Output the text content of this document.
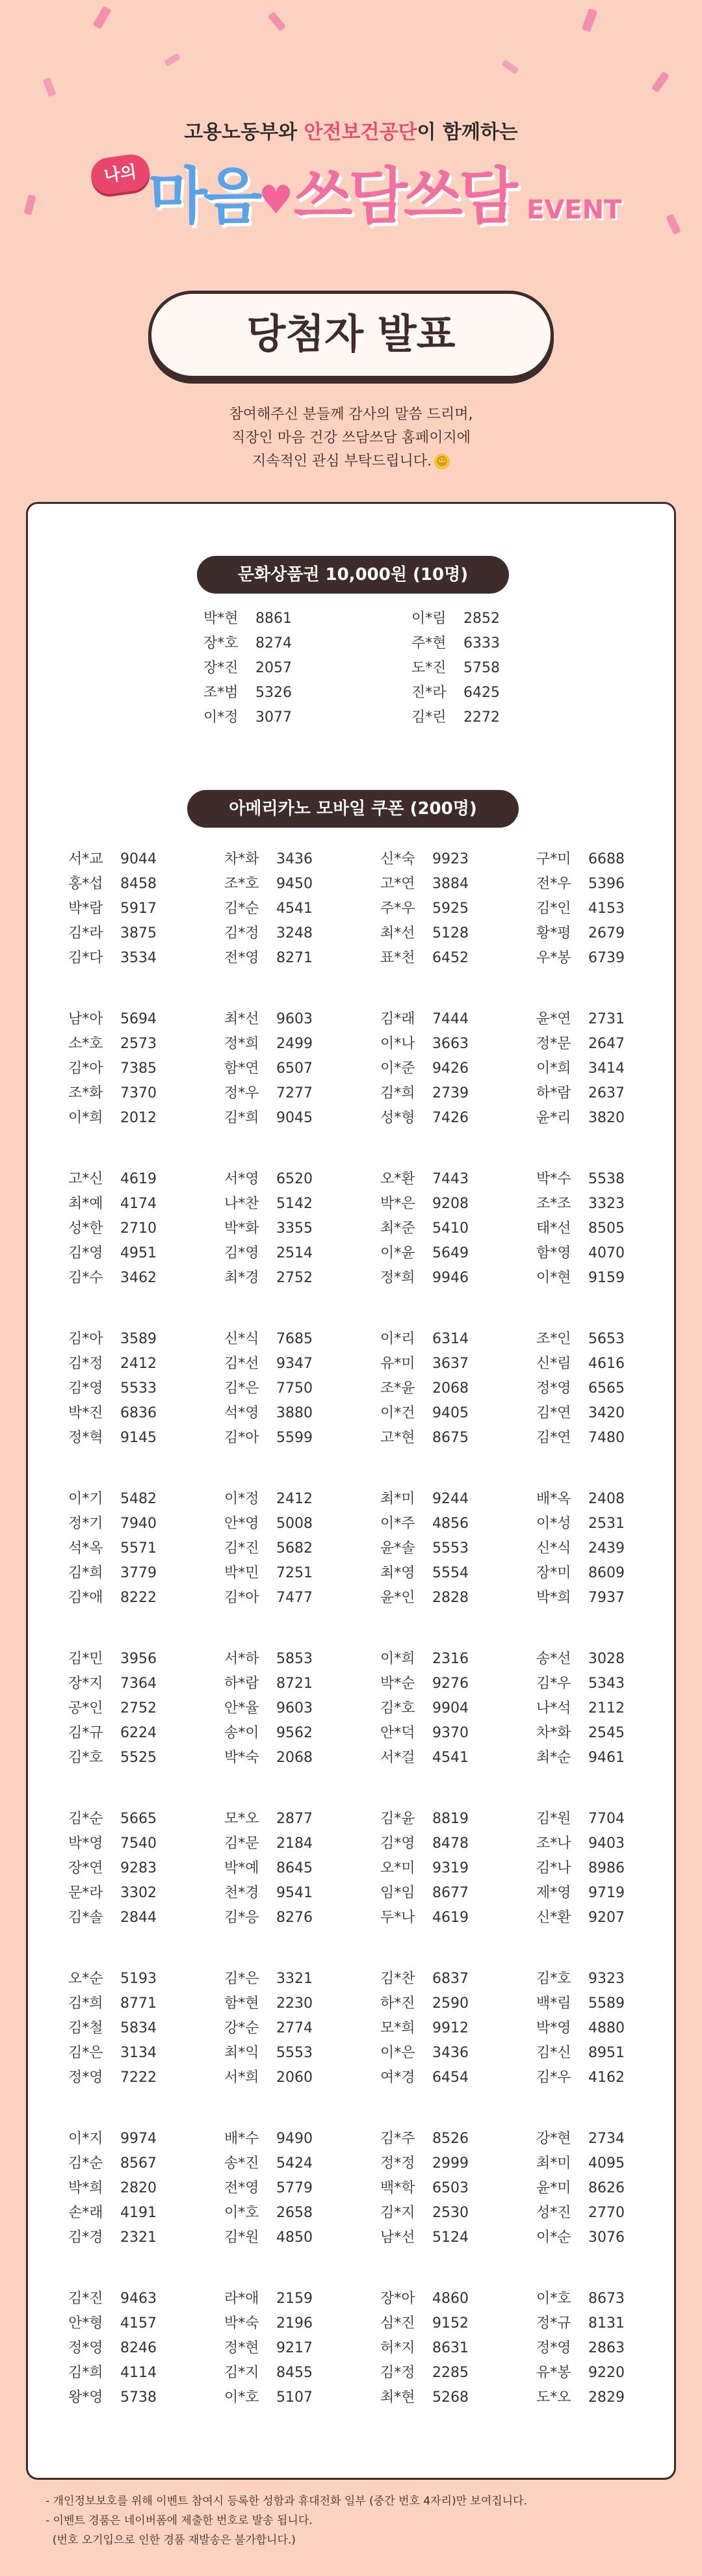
고용노동부와 안전보건공단이 함께하는
나의 마음♥쓰담쓰담 EVENT
당첨자 발표
참여해주신 분들께 감사의 말씀 드리며,
직장인 마음 건강 쓰담쓰담 홈페이지에
지속적인 관심 부탁드립니다. ☺
문화상품권 10,000원 (10명)
박*현 8861
장*호 8274
장*진 2057
조*범 5326
이*정 3077
이*림 2852
주*현 6333
도*진 5758
진*라 6425
김*린 2272
아메리카노 모바일 쿠폰 (200명)
서*교 9044
홍*섭 8458
박*람 5917
김*라 3875
김*다 3534
차*화 3436
조*호 9450
김*순 4541
김*정 3248
전*영 8271
신*숙 9923
고*연 3884
주*우 5925
최*선 5128
표*천 6452
구*미 6688
전*우 5396
김*인 4153
황*평 2679
우*봉 6739
남*아 5694
소*호 2573
김*아 7385
조*화 7370
이*희 2012
최*선 9603
정*희 2499
함*연 6507
정*우 7277
김*희 9045
김*래 7444
이*나 3663
이*준 9426
김*희 2739
성*형 7426
윤*연 2731
정*문 2647
이*희 3414
하*람 2637
윤*리 3820
고*신 4619
최*예 4174
성*한 2710
김*영 4951
김*수 3462
서*영 6520
나*찬 5142
박*화 3355
김*영 2514
최*경 2752
오*환 7443
박*은 9208
최*준 5410
이*윤 5649
정*희 9946
박*수 5538
조*조 3323
태*선 8505
함*영 4070
이*현 9159
김*아 3589
김*정 2412
김*영 5533
박*진 6836
정*혁 9145
신*식 7685
김*선 9347
김*은 7750
석*영 3880
김*아 5599
이*리 6314
유*미 3637
조*윤 2068
이*건 9405
고*현 8675
조*인 5653
신*림 4616
정*영 6565
김*연 3420
김*연 7480
이*기 5482
정*기 7940
석*옥 5571
김*희 3779
김*애 8222
이*정 2412
안*영 5008
김*진 5682
박*민 7251
김*아 7477
최*미 9244
이*주 4856
윤*솔 5553
최*영 5554
윤*인 2828
배*옥 2408
이*성 2531
신*식 2439
장*미 8609
박*희 7937
김*민 3956
장*지 7364
공*인 2752
김*규 6224
김*호 5525
서*하 5853
하*람 8721
안*율 9603
송*이 9562
박*숙 2068
이*희 2316
박*순 9276
김*호 9904
안*덕 9370
서*걸 4541
송*선 3028
김*우 5343
나*석 2112
차*화 2545
최*순 9461
김*순 5665
박*영 7540
장*연 9283
문*라 3302
김*솔 2844
모*오 2877
김*문 2184
박*예 8645
천*경 9541
김*응 8276
김*윤 8819
김*영 8478
오*미 9319
임*임 8677
두*나 4619
김*원 7704
조*나 9403
김*나 8986
제*영 9719
신*환 9207
오*순 5193
김*희 8771
김*철 5834
김*은 3134
정*영 7222
김*은 3321
함*현 2230
강*순 2774
최*익 5553
서*희 2060
김*찬 6837
하*진 2590
모*희 9912
이*은 3436
여*경 6454
김*호 9323
백*림 5589
박*영 4880
김*신 8951
김*우 4162
이*지 9974
김*순 8567
박*희 2820
손*래 4191
김*경 2321
배*수 9490
송*진 5424
전*영 5779
이*호 2658
김*원 4850
김*주 8526
정*정 2999
백*학 6503
김*지 2530
남*선 5124
강*현 2734
최*미 4095
윤*미 8626
성*진 2770
이*순 3076
김*진 9463
안*형 4157
정*영 8246
김*희 4114
왕*영 5738
라*애 2159
박*숙 2196
정*현 9217
김*지 8455
이*호 5107
장*아 4860
심*진 9152
허*지 8631
김*정 2285
최*현 5268
이*호 8673
정*규 8131
정*영 2863
유*봉 9220
도*오 2829
- 개인정보보호를 위해 이벤트 참여시 등록한 성함과 휴대전화 일부 (중간 번호 4자리)만 보여집니다.
- 이벤트 경품은 네이버폼에 제출한 번호로 발송 됩니다.
(번호 오기입으로 인한 경품 재발송은 불가합니다.)
